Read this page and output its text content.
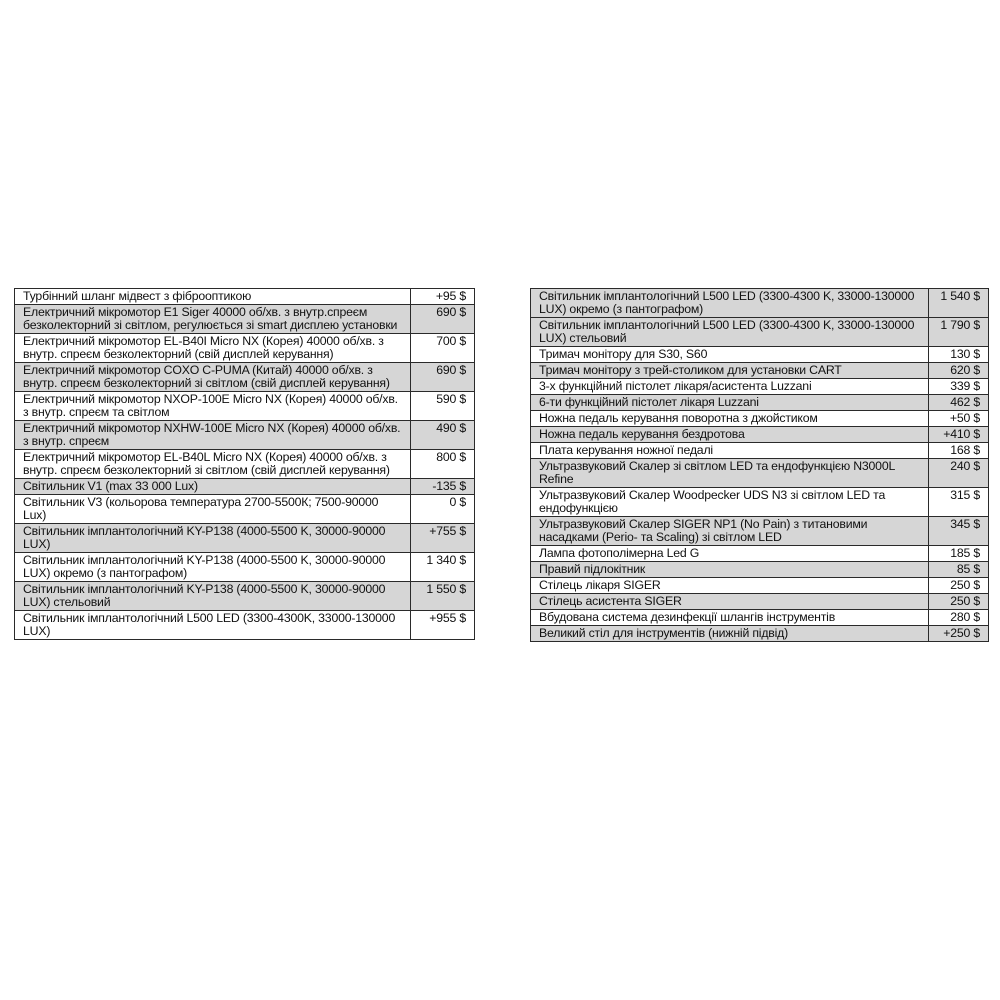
Турбінний шланг мідвест з фіброоптикою	+95 $
Електричний мікромотор E1 Siger 40000 об/хв. з внутр.спреєм безколекторний зі світлом, регулюється зі smart дисплею установки	690 $
Електричний мікромотор EL-B40I Micro NX (Корея) 40000 об/хв. з внутр. спреєм безколекторний (свій дисплей керування)	700 $
Електричний мікромотор COXO C-PUMA (Китай) 40000 об/хв. з внутр. спреєм безколекторний зі світлом (свій дисплей керування)	690 $
Електричний мікромотор NXOP-100E Micro NX (Корея) 40000 об/хв. з внутр. спреєм та світлом	590 $
Електричний мікромотор NXHW-100E Micro NX (Корея) 40000 об/хв. з внутр. спреєм	490 $
Електричний мікромотор EL-B40L Micro NX (Корея) 40000 об/хв. з внутр. спреєм безколекторний зі світлом (свій дисплей керування)	800 $
Світильник V1 (max 33 000 Lux)	-135 $
Світильник V3 (кольорова температура 2700-5500К; 7500-90000 Lux)	0 $
Світильник імплантологічний KY-P138 (4000-5500 K, 30000-90000 LUX)	+755 $
Світильник імплантологічний KY-P138 (4000-5500 K, 30000-90000 LUX) окремо (з пантографом)	1 340 $
Світильник імплантологічний KY-P138 (4000-5500 K, 30000-90000 LUX) стельовий	1 550 $
Світильник імплантологічний L500 LED (3300-4300K, 33000-130000 LUX)	+955 $
Світильник імплантологічний L500 LED (3300-4300 K, 33000-130000 LUX) окремо (з пантографом)	1 540 $
Світильник імплантологічний L500 LED (3300-4300 K, 33000-130000 LUX) стельовий	1 790 $
Тримач монітору для S30, S60	130 $
Тримач монітору з трей-столиком для установки CART	620 $
3-х функційний пістолет лікаря/асистента Luzzani	339 $
6-ти функційний пістолет лікаря Luzzani	462 $
Ножна педаль керування поворотна з джойстиком	+50 $
Ножна педаль керування бездротова	+410 $
Плата керування ножної педалі	168 $
Ультразвуковий Скалер зі світлом LED та ендофункцією N3000L Refine	240 $
Ультразвуковий Скалер Woodpecker UDS N3 зі світлом LED та ендофункцією	315 $
Ультразвуковий Скалер SIGER NP1 (No Pain) з титановими насадками (Perio- та Scaling) зі світлом LED	345 $
Лампа фотополімерна Led G	185 $
Правий підлокітник	85 $
Стілець лікаря SIGER	250 $
Стілець асистента SIGER	250 $
Вбудована система дезинфекції шлангів інструментів	280 $
Великий стіл для інструментів (нижній підвід)	+250 $
